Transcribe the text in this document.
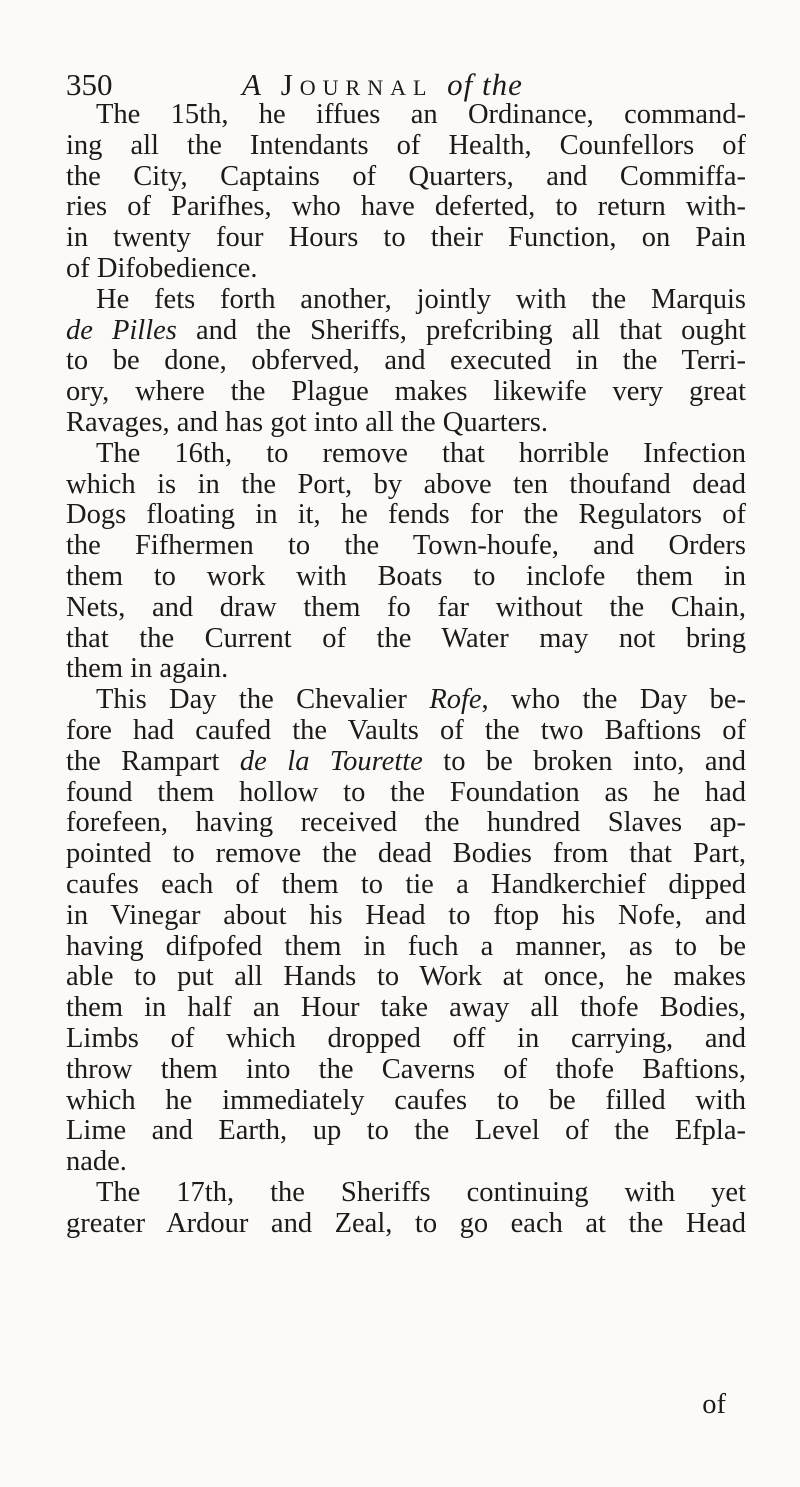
350	A Journal of the
The 15th, he iffues an Ordinance, command-
ing all the Intendants of Health, Counfellors of
the City, Captains of Quarters, and Commiffa-
ries of Parifhes, who have deferted, to return with-
in twenty four Hours to their Function, on Pain
of Difobedience.
He fets forth another, jointly with the Marquis
de Pilles and the Sheriffs, prefcribing all that ought
to be done, obferved, and executed in the Terri-
ory, where the Plague makes likewife very great
Ravages, and has got into all the Quarters.
The 16th, to remove that horrible Infection
which is in the Port, by above ten thoufand dead
Dogs floating in it, he fends for the Regulators of
the Fifhermen to the Town-houfe, and Orders
them to work with Boats to inclofe them in
Nets, and draw them fo far without the Chain,
that the Current of the Water may not bring
them in again.
This Day the Chevalier Rofe, who the Day be-
fore had caufed the Vaults of the two Baftions of
the Rampart de la Tourette to be broken into, and
found them hollow to the Foundation as he had
forefeen, having received the hundred Slaves ap-
pointed to remove the dead Bodies from that Part,
caufes each of them to tie a Handkerchief dipped
in Vinegar about his Head to ftop his Nofe, and
having difpofed them in fuch a manner, as to be
able to put all Hands to Work at once, he makes
them in half an Hour take away all thofe Bodies,
Limbs of which dropped off in carrying, and
throw them into the Caverns of thofe Baftions,
which he immediately caufes to be filled with
Lime and Earth, up to the Level of the Efpla-
nade.
The 17th, the Sheriffs continuing with yet
greater Ardour and Zeal, to go each at the Head
of
